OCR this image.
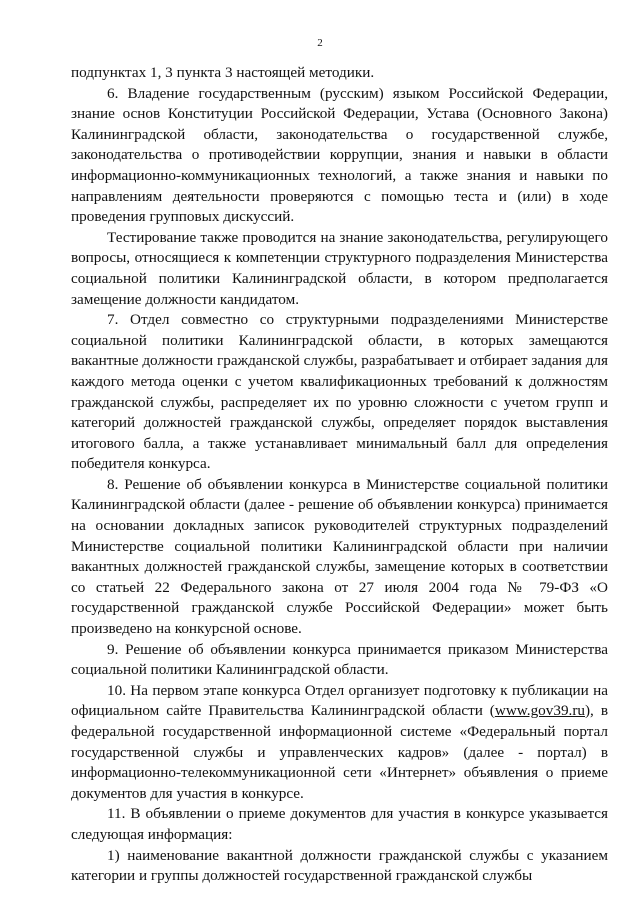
2

подпунктах 1, 3 пункта 3 настоящей методики.

6. Владение государственным (русским) языком Российской Федерации, знание основ Конституции Российской Федерации, Устава (Основного Закона) Калининградской области, законодательства о государственной службе, законодательства о противодействии коррупции, знания и навыки в области информационно-коммуникационных технологий, а также знания и навыки по направлениям деятельности проверяются с помощью теста и (или) в ходе проведения групповых дискуссий.

Тестирование также проводится на знание законодательства, регулирующего вопросы, относящиеся к компетенции структурного подразделения Министерства социальной политики Калининградской области, в котором предполагается замещение должности кандидатом.

7. Отдел совместно со структурными подразделениями Министерстве социальной политики Калининградской области, в которых замещаются вакантные должности гражданской службы, разрабатывает и отбирает задания для каждого метода оценки с учетом квалификационных требований к должностям гражданской службы, распределяет их по уровню сложности с учетом групп и категорий должностей гражданской службы, определяет порядок выставления итогового балла, а также устанавливает минимальный балл для определения победителя конкурса.

8. Решение об объявлении конкурса в Министерстве социальной политики Калининградской области (далее - решение об объявлении конкурса) принимается на основании докладных записок руководителей структурных подразделений Министерстве социальной политики Калининградской области при наличии вакантных должностей гражданской службы, замещение которых в соответствии со статьей 22 Федерального закона от 27 июля 2004 года № 79-ФЗ «О государственной гражданской службе Российской Федерации» может быть произведено на конкурсной основе.

9. Решение об объявлении конкурса принимается приказом Министерства социальной политики Калининградской области.

10. На первом этапе конкурса Отдел организует подготовку к публикации на официальном сайте Правительства Калининградской области (www.gov39.ru), в федеральной государственной информационной системе «Федеральный портал государственной службы и управленческих кадров» (далее - портал) в информационно-телекоммуникационной сети «Интернет» объявления о приеме документов для участия в конкурсе.

11. В объявлении о приеме документов для участия в конкурсе указывается следующая информация:

1) наименование вакантной должности гражданской службы с указанием категории и группы должностей государственной гражданской службы
